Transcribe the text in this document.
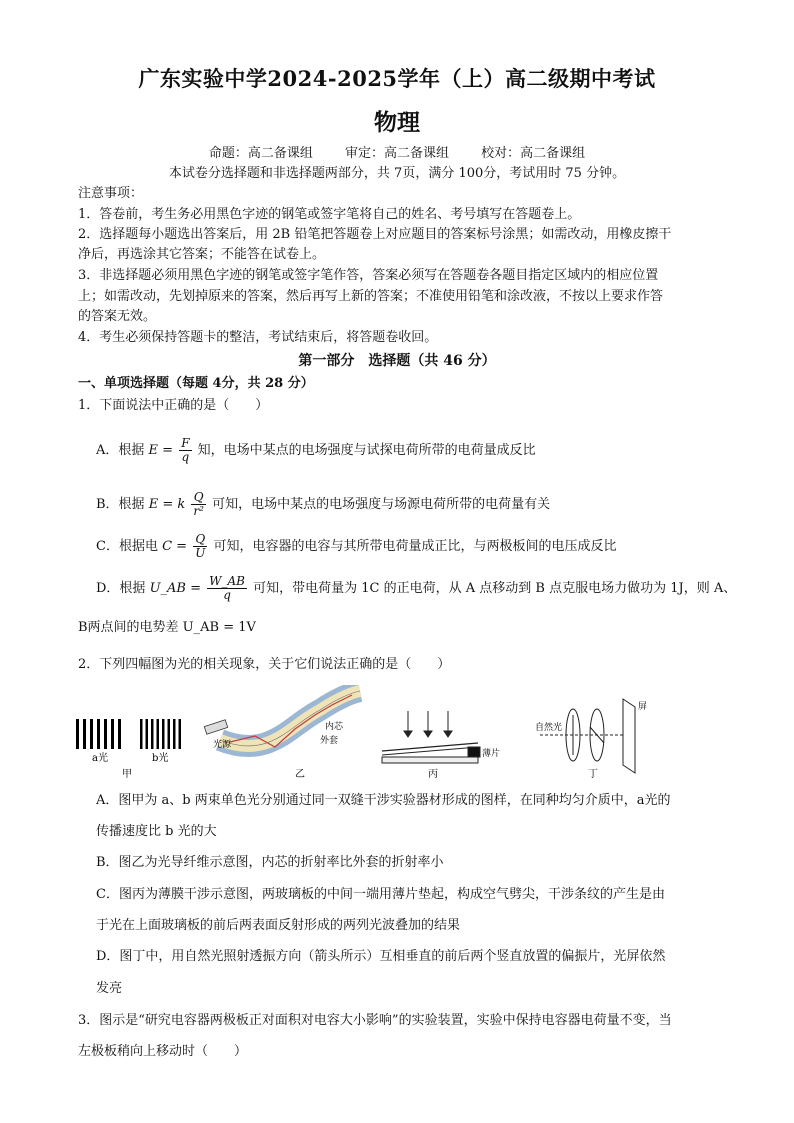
广东实验中学2024-2025学年（上）高二级期中考试
物理
命题：高二备课组 审定：高二备课组 校对：高二备课组
本试卷分选择题和非选择题两部分，共 7页，满分 100分，考试用时 75 分钟。
注意事项：
1．答卷前，考生务必用黑色字迹的钢笔或签字笔将自己的姓名、考号填写在答题卷上。
2．选择题每小题选出答案后，用 2B 铅笔把答题卷上对应题目的答案标号涂黑；如需改动，用橡皮擦干
净后，再选涂其它答案；不能答在试卷上。
3．非选择题必须用黑色字迹的钢笔或签字笔作答，答案必须写在答题卷各题目指定区域内的相应位置
上；如需改动，先划掉原来的答案，然后再写上新的答案；不准使用铅笔和涂改液，不按以上要求作答
的答案无效。
4．考生必须保持答题卡的整洁，考试结束后，将答题卷收回。
第一部分　选择题（共 46 分）
一、单项选择题（每题 4分，共 28 分）
1．下面说法中正确的是（　　）
A．根据 $E = \frac{F}{q}$ 知，电场中某点的电场强度与试探电荷所带的电荷量成反比
B．根据 E = k $\frac{Q}{\text{r²}}$ 可知，电场中某点的电场强度与场源电荷所带的电荷量有关
C．根据电 $C = \frac{Q}{U}$ 可知，电容器的电容与其所带电荷量成正比，与两极板间的电压成反比
D．根据 U_AB = $\frac{W\_AB}{q}$ 可知，带电荷量为 1C 的正电荷，从 A 点移动到 B 点克服电场力做功为 1J，则 A、
B两点间的电势差 U_AB = 1V
2．下列四幅图为光的相关现象，关于它们说法正确的是（　　）
a光	b光
甲
光源
内芯
外套
乙
薄片
丙
自然光
屏
丁
A．图甲为 a、b 两束单色光分别通过同一双缝干涉实验器材形成的图样，在同种均匀介质中，a光的
传播速度比 b 光的大
B．图乙为光导纤维示意图，内芯的折射率比外套的折射率小
C．图丙为薄膜干涉示意图，两玻璃板的中间一端用薄片垫起，构成空气劈尖，干涉条纹的产生是由
于光在上面玻璃板的前后两表面反射形成的两列光波叠加的结果
D．图丁中，用自然光照射透振方向（箭头所示）互相垂直的前后两个竖直放置的偏振片，光屏依然
发亮
3．图示是“研究电容器两极板正对面积对电容大小影响”的实验装置，实验中保持电容器电荷量不变，当
左极板稍向上移动时（　　）
